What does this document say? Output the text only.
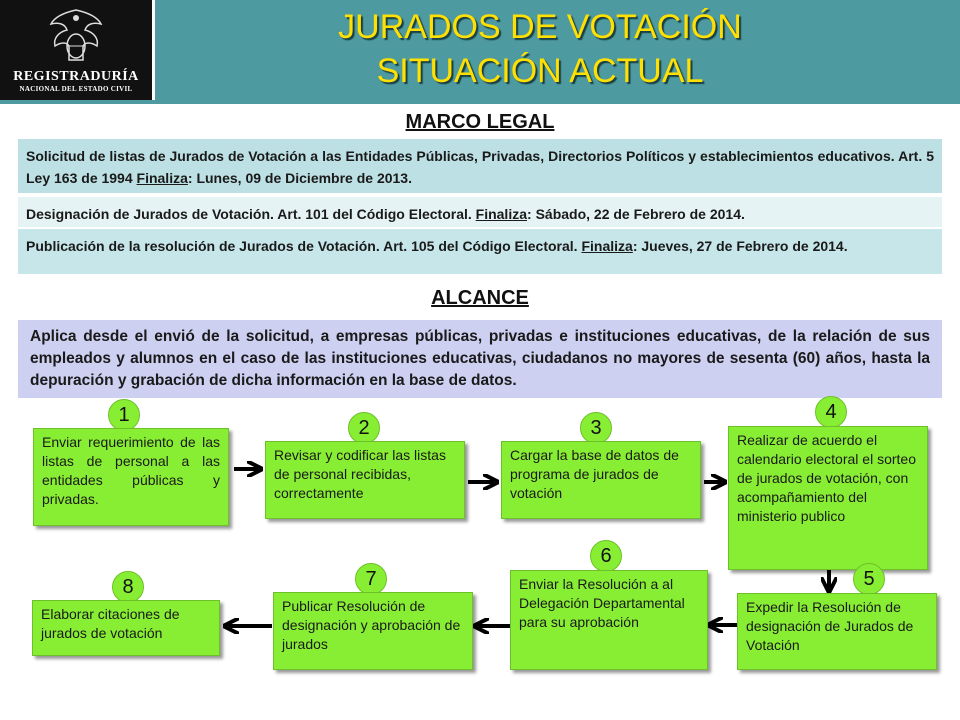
REGISTRADURÍA
NACIONAL DEL ESTADO CIVIL
JURADOS DE VOTACIÓN
SITUACIÓN ACTUAL
MARCO LEGAL
Solicitud de listas de Jurados de Votación a las Entidades Públicas, Privadas, Directorios Políticos y establecimientos educativos. Art. 5 Ley 163 de 1994 Finaliza: Lunes, 09 de Diciembre de 2013.
Designación de Jurados de Votación. Art. 101 del Código Electoral. Finaliza: Sábado, 22 de Febrero de 2014.
Publicación de la resolución de Jurados de Votación. Art. 105 del Código Electoral. Finaliza: Jueves, 27 de Febrero de 2014.
ALCANCE
Aplica desde el envió de la solicitud, a empresas públicas, privadas e instituciones educativas, de la relación de sus empleados y alumnos en el caso de las instituciones educativas, ciudadanos no mayores de sesenta (60) años, hasta la depuración y grabación de dicha información en la base de datos.
1
Enviar requerimiento de las listas de personal a las entidades públicas y privadas.
2
Revisar y codificar las listas de personal recibidas, correctamente
3
Cargar la base de datos de programa de jurados de votación
4
Realizar de acuerdo el calendario electoral el sorteo de jurados de votación, con acompañamiento del ministerio publico
5
Expedir la Resolución de designación de Jurados de Votación
6
Enviar la Resolución a al Delegación Departamental para su aprobación
7
Publicar Resolución de designación y aprobación de jurados
8
Elaborar citaciones de jurados de votación
